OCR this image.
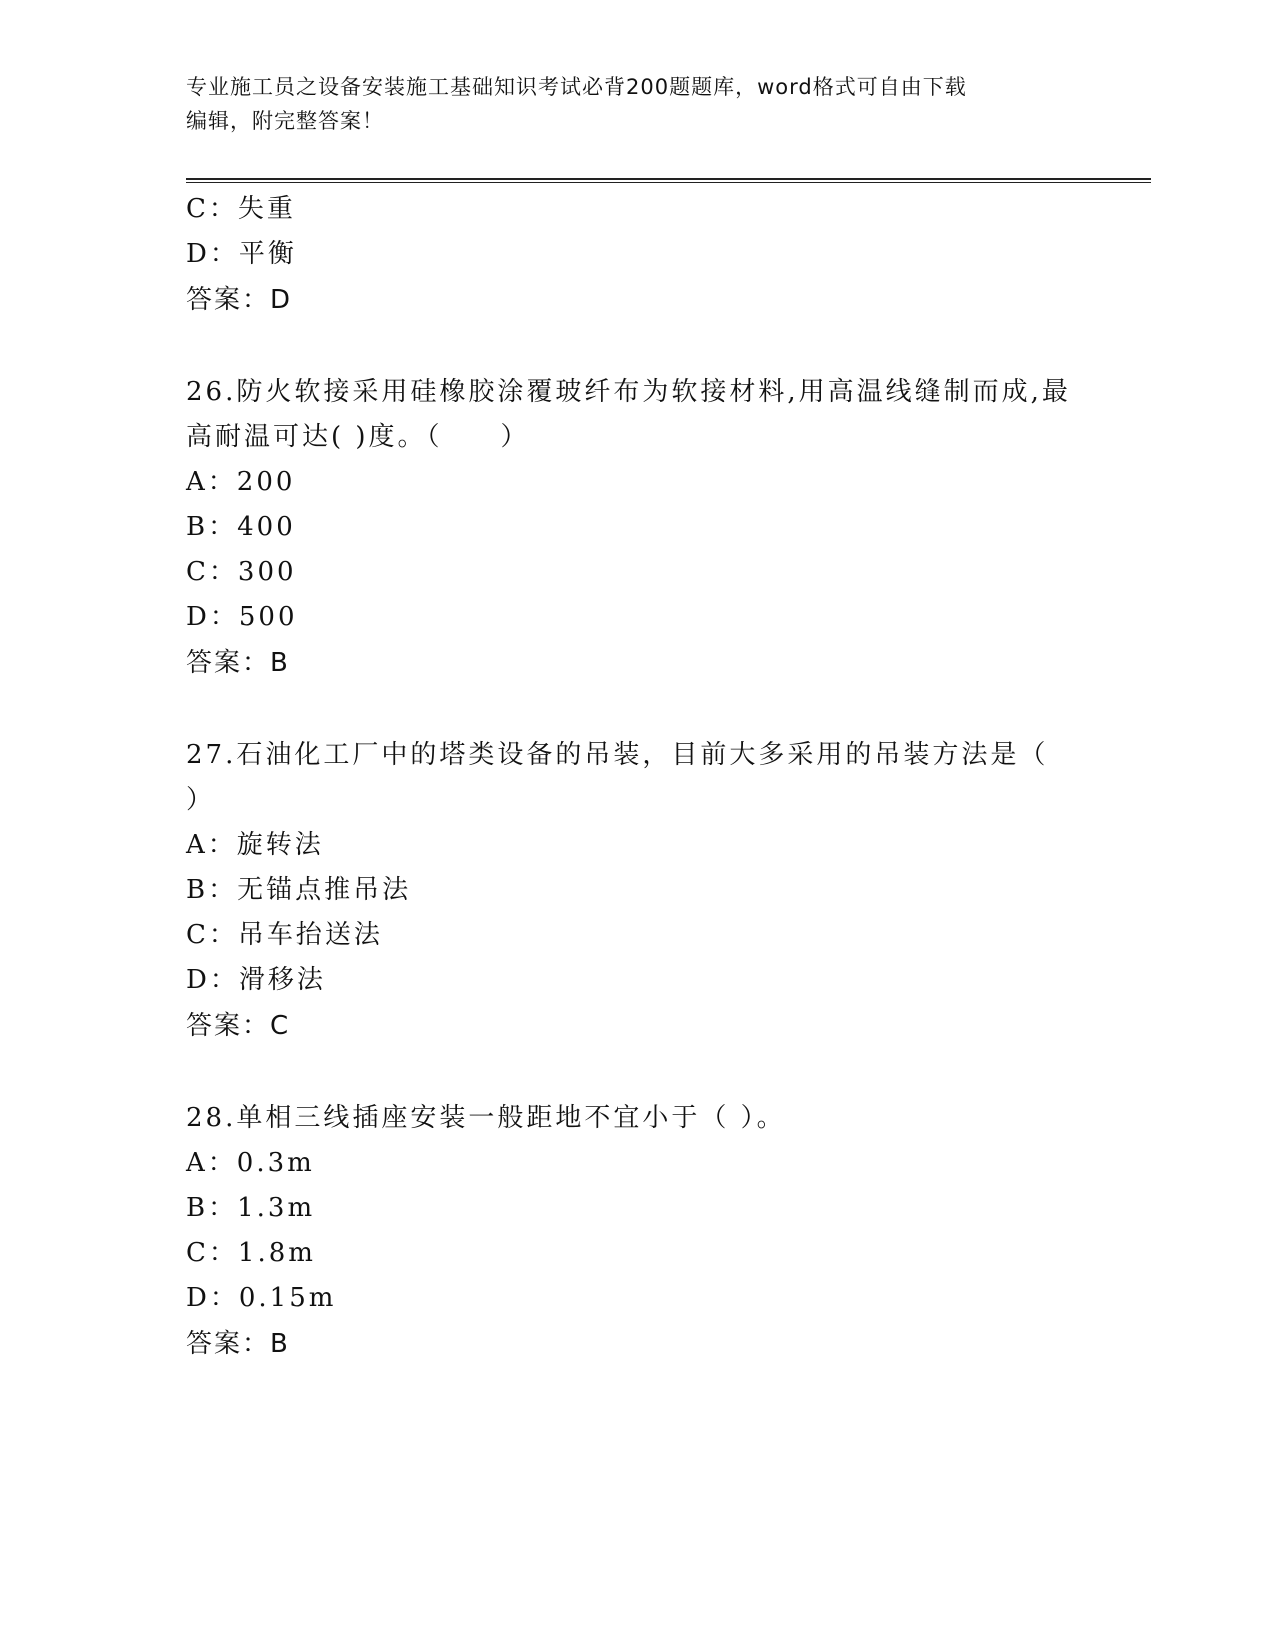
专业施工员之设备安装施工基础知识考试必背200题题库，word格式可自由下载
编辑，附完整答案！
C：失重
D：平衡
答案：D
26 . 防火软接采用硅橡胶涂覆玻纤布为软接材料,用高温线缝制而成,最
高耐温可达( )度。（　　）
A：200
B：400
C：300
D：500
答案：B
27 . 石油化工厂中的塔类设备的吊装，目前大多采用的吊装方法是（
）
A：旋转法
B：无锚点推吊法
C：吊车抬送法
D：滑移法
答案：C
28 . 单相三线插座安装一般距地不宜小于（ ）。
A：0.3m
B：1.3m
C：1.8m
D：0.15m
答案：B
